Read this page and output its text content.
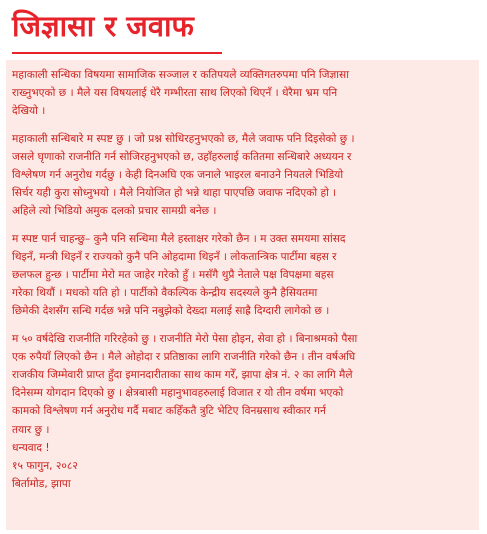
जिज्ञासा र जवाफ
महाकाली सन्धिका विषयमा सामाजिक सञ्जाल र कतिपयले व्यक्तिगतरुपमा पनि जिज्ञासा
राख्नुभएको छ । मैले यस विषयलाई धेरै गम्भीरता साथ लिएको थिएनँ । धेरैमा भ्रम पनि
देखियो ।
महाकाली सन्धिबारे म स्पष्ट छु । जो प्रश्न सोधिरहनुभएको छ, मैले जवाफ पनि दिइसेको छु ।
जसले घृणाको राजनीति गर्न सोजिरहनुभएको छ, उहाँहरुलाई कतितमा सन्धिबारे अध्ययन र
विश्लेषण गर्न अनुरोध गर्दछु । केही दिनअघि एक जनाले भाइरल बनाउने नियतले भिडियो
सिर्चर यही कुरा सोध्नुभयो । मैले नियोजित हो भन्ने थाहा पाएपछि जवाफ नदिएको हो ।
अहिले त्यो भिडियो अमुक दलको प्रचार सामग्री बनेछ ।
म स्पष्ट पार्न चाहन्छु– कुनै पनि सन्धिमा मैले हस्ताक्षर गरेको छैन । म उक्त समयमा सांसद
थिइनँ, मन्त्री थिइनँ र राज्यको कुनै पनि ओहदामा थिइनँ । लोकतान्त्रिक पार्टीमा बहस र
छलफल हुन्छ । पार्टीमा मेरो मत जाहेर गरेको हुँ । मसँगै थुप्रै नेताले पक्ष विपक्षमा बहस
गरेका थियौं । मधको यति हो । पार्टीको वैकल्पिक केन्द्रीय सदस्यले कुनै हैसियतमा
छिमेकी देशसँग सन्धि गर्दछ भन्ने पनि नबुझेको देख्दा मलाई साह्रै दिग्दारी लागेको छ ।
म ५० वर्षदेखि राजनीति गरिरहेको छु । राजनीति मेरो पेसा होइन, सेवा हो । बिनाश्रमको पैसा
एक रुपैयाँ लिएको छैन । मैले ओहोदा र प्रतिष्ठाका लागि राजनीति गरेको छैन । तीन वर्षअघि
राजकीय जिम्मेवारी प्राप्त हुँदा इमानदारीताका साथ काम गरेँ, झापा क्षेत्र नं. २ का लागि मैले
दिनेसम्म योगदान दिएको छु । क्षेत्रबासी महानुभावहरुलाई विजात र यो तीन वर्षमा भएको
कामको विश्लेषण गर्न अनुरोध गर्दै मबाट कहिँकतै त्रुटि भेटिए विनम्रसाथ स्वीकार गर्न
तयार छु ।
धन्यवाद !
१५ फागुन, २०८२
बिर्तामोड, झापा
